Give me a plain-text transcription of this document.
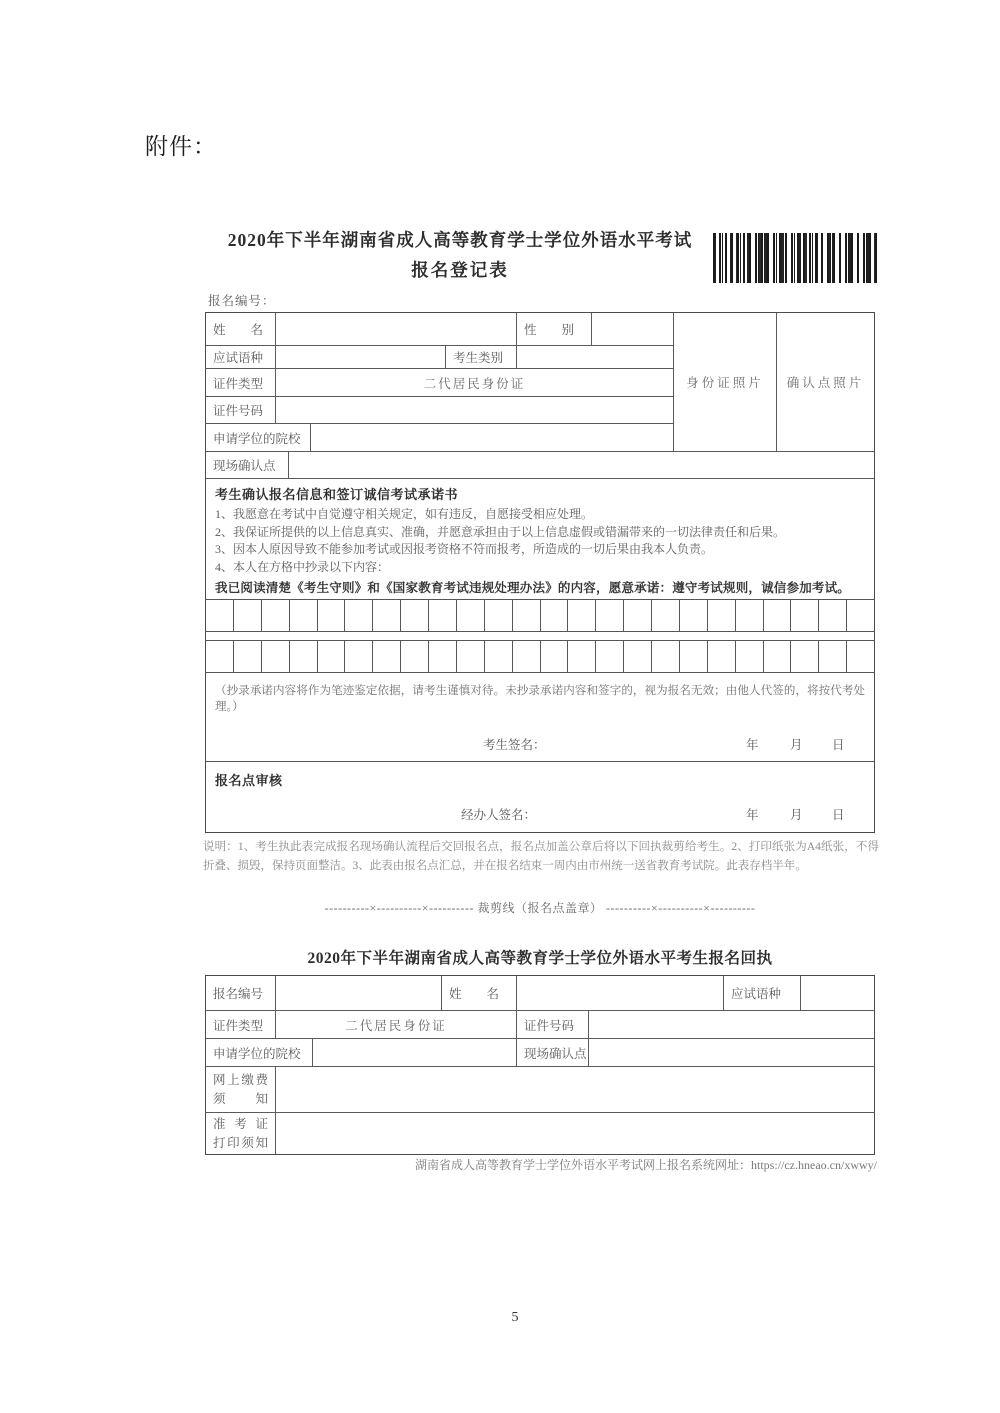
附件：
2020年下半年湖南省成人高等教育学士学位外语水平考试
报名登记表
报名编号：
姓　　名	性　　别
应试语种	考生类别
证件类型	二代居民身份证
证件号码
申请学位的院校
身份证照片	确认点照片
现场确认点
考生确认报名信息和签订诚信考试承诺书
1、我愿意在考试中自觉遵守相关规定，如有违反，自愿接受相应处理。
2、我保证所提供的以上信息真实、准确，并愿意承担由于以上信息虚假或错漏带来的一切法律责任和后果。
3、因本人原因导致不能参加考试或因报考资格不符而报考，所造成的一切后果由我本人负责。
4、本人在方格中抄录以下内容：
我已阅读清楚《考生守则》和《国家教育考试违规处理办法》的内容，愿意承诺：遵守考试规则，诚信参加考试。
（抄录承诺内容将作为笔迹鉴定依据，请考生谨慎对待。未抄录承诺内容和签字的，视为报名无效；由他人代签的，将按代考处理。）
考生签名：	年	月 日
报名点审核
经办人签名：	年	月 日
说明：1、考生执此表完成报名现场确认流程后交回报名点，报名点加盖公章后将以下回执裁剪给考生。2、打印纸张为A4纸张，不得折叠、损毁，保持页面整洁。3、此表由报名点汇总，并在报名结束一周内由市州统一送省教育考试院。此表存档半年。
----------×----------×---------- 裁剪线（报名点盖章） ----------×----------×----------
2020年下半年湖南省成人高等教育学士学位外语水平考生报名回执
报名编号	姓　　名	应试语种
证件类型	二代居民身份证	证件号码
申请学位的院校	现场确认点
网上缴费
须　知
准 考 证
打印须知
湖南省成人高等教育学士学位外语水平考试网上报名系统网址：https://cz.hneao.cn/xwwy/
5
